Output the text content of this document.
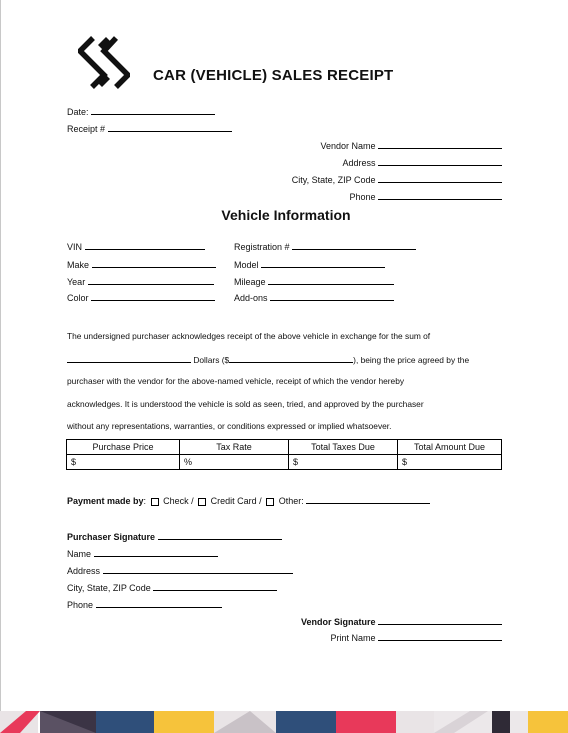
CAR (VEHICLE) SALES RECEIPT
Date:
Receipt #
Vendor Name
Address
City, State, ZIP Code
Phone
Vehicle Information
VIN
Make
Year
Color
Registration #
Model
Mileage
Add-ons
The undersigned purchaser acknowledges receipt of the above vehicle in exchange for the sum of
Dollars ($	), being the price agreed by the
purchaser with the vendor for the above-named vehicle, receipt of which the vendor hereby
acknowledges. It is understood the vehicle is sold as seen, tried, and approved by the purchaser
without any representations, warranties, or conditions expressed or implied whatsoever.
Purchase Price	Tax Rate	Total Taxes Due	Total Amount Due
$	%	$	$
Payment made by: Check / Credit Card / Other:
Purchaser Signature
Name
Address
City, State, ZIP Code
Phone
Vendor Signature
Print Name
